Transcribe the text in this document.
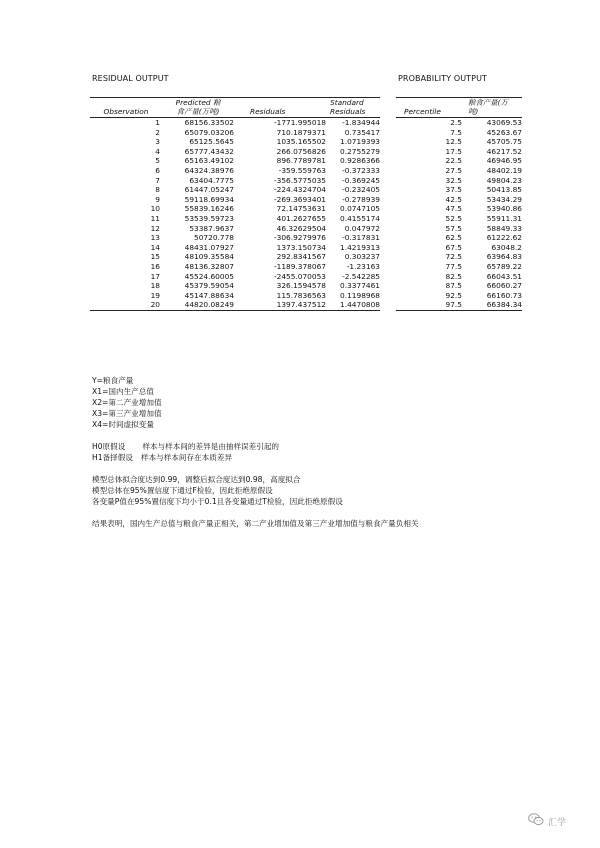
RESIDUAL OUTPUT	PROBABILITY OUTPUT
Observation	Predicted 粮
食产量(万吨)	Residuals	Standard
Residuals
1	68156.33502	-1771.995018	-1.834944
2	65079.03206	710.1879371	0.735417
3	65125.5645	1035.165502	1.0719393
4	65777.43432	266.0756826	0.2755279
5	65163.49102	896.7789781	0.9286366
6	64324.38976	-359.559763	-0.372333
7	63404.7775	-356.5775035	-0.369245
8	61447.05247	-224.4324704	-0.232405
9	59118.69934	-269.3693401	-0.278939
10	55839.16246	72.14753631	0.0747105
11	53539.59723	401.2627655	0.4155174
12	53387.9637	46.32629504	0.047972
13	50720.778	-306.9279976	-0.317831
14	48431.07927	1373.150734	1.4219313
15	48109.35584	292.8341567	0.303237
16	48136.32807	-1189.378067	-1.23163
17	45524.60005	-2455.070053	-2.542285
18	45379.59054	326.1594578	0.3377461
19	45147.88634	115.7836563	0.1198968
20	44820.08249	1397.437512	1.4470808
Percentile	粮食产量(万
吨)
2.5	43069.53
7.5	45263.67
12.5	45705.75
17.5	46217.52
22.5	46946.95
27.5	48402.19
32.5	49804.23
37.5	50413.85
42.5	53434.29
47.5	53940.86
52.5	55911.31
57.5	58849.33
62.5	61222.62
67.5	63048.2
72.5	63964.83
77.5	65789.22
82.5	66043.51
87.5	66060.27
92.5	66160.73
97.5	66384.34
Y=粮食产量
X1=国内生产总值
X2=第二产业增加值
X3=第三产业增加值
X4=时间虚拟变量
H0原假设 样本与样本间的差异是由抽样误差引起的
H1备择假设 样本与样本间存在本质差异
模型总体拟合度达到0.99，调整后拟合度达到0.98，高度拟合
模型总体在95%置信度下通过F检验，因此拒绝原假设
各变量P值在95%置信度下均小于0.1且各变量通过T检验，因此拒绝原假设
结果表明，国内生产总值与粮食产量正相关，第二产业增加值及第三产业增加值与粮食产量负相关
汇学
